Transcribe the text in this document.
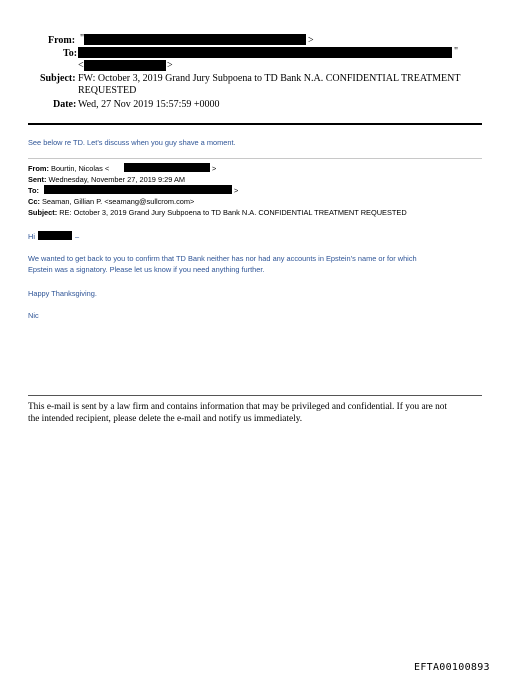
From: "	>
To:	"
<	>
Subject: FW: October 3, 2019 Grand Jury Subpoena to TD Bank N.A. CONFIDENTIAL TREATMENT
REQUESTED
Date: Wed, 27 Nov 2019 15:57:59 +0000
See below re TD. Let’s discuss when you guy shave a moment.
From: Bourtin, Nicolas <	>
Sent: Wednesday, November 27, 2019 9:29 AM
To:	>
Cc: Seaman, Gillian P. <seamang@sullcrom.com>
Subject: RE: October 3, 2019 Grand Jury Subpoena to TD Bank N.A. CONFIDENTIAL TREATMENT REQUESTED
Hi	–
We wanted to get back to you to confirm that TD Bank neither has nor had any accounts in Epstein’s name or for which
Epstein was a signatory. Please let us know if you need anything further.
Happy Thanksgiving.
Nic
This e-mail is sent by a law firm and contains information that may be privileged and confidential. If you are not
the intended recipient, please delete the e-mail and notify us immediately.
EFTA00100893
